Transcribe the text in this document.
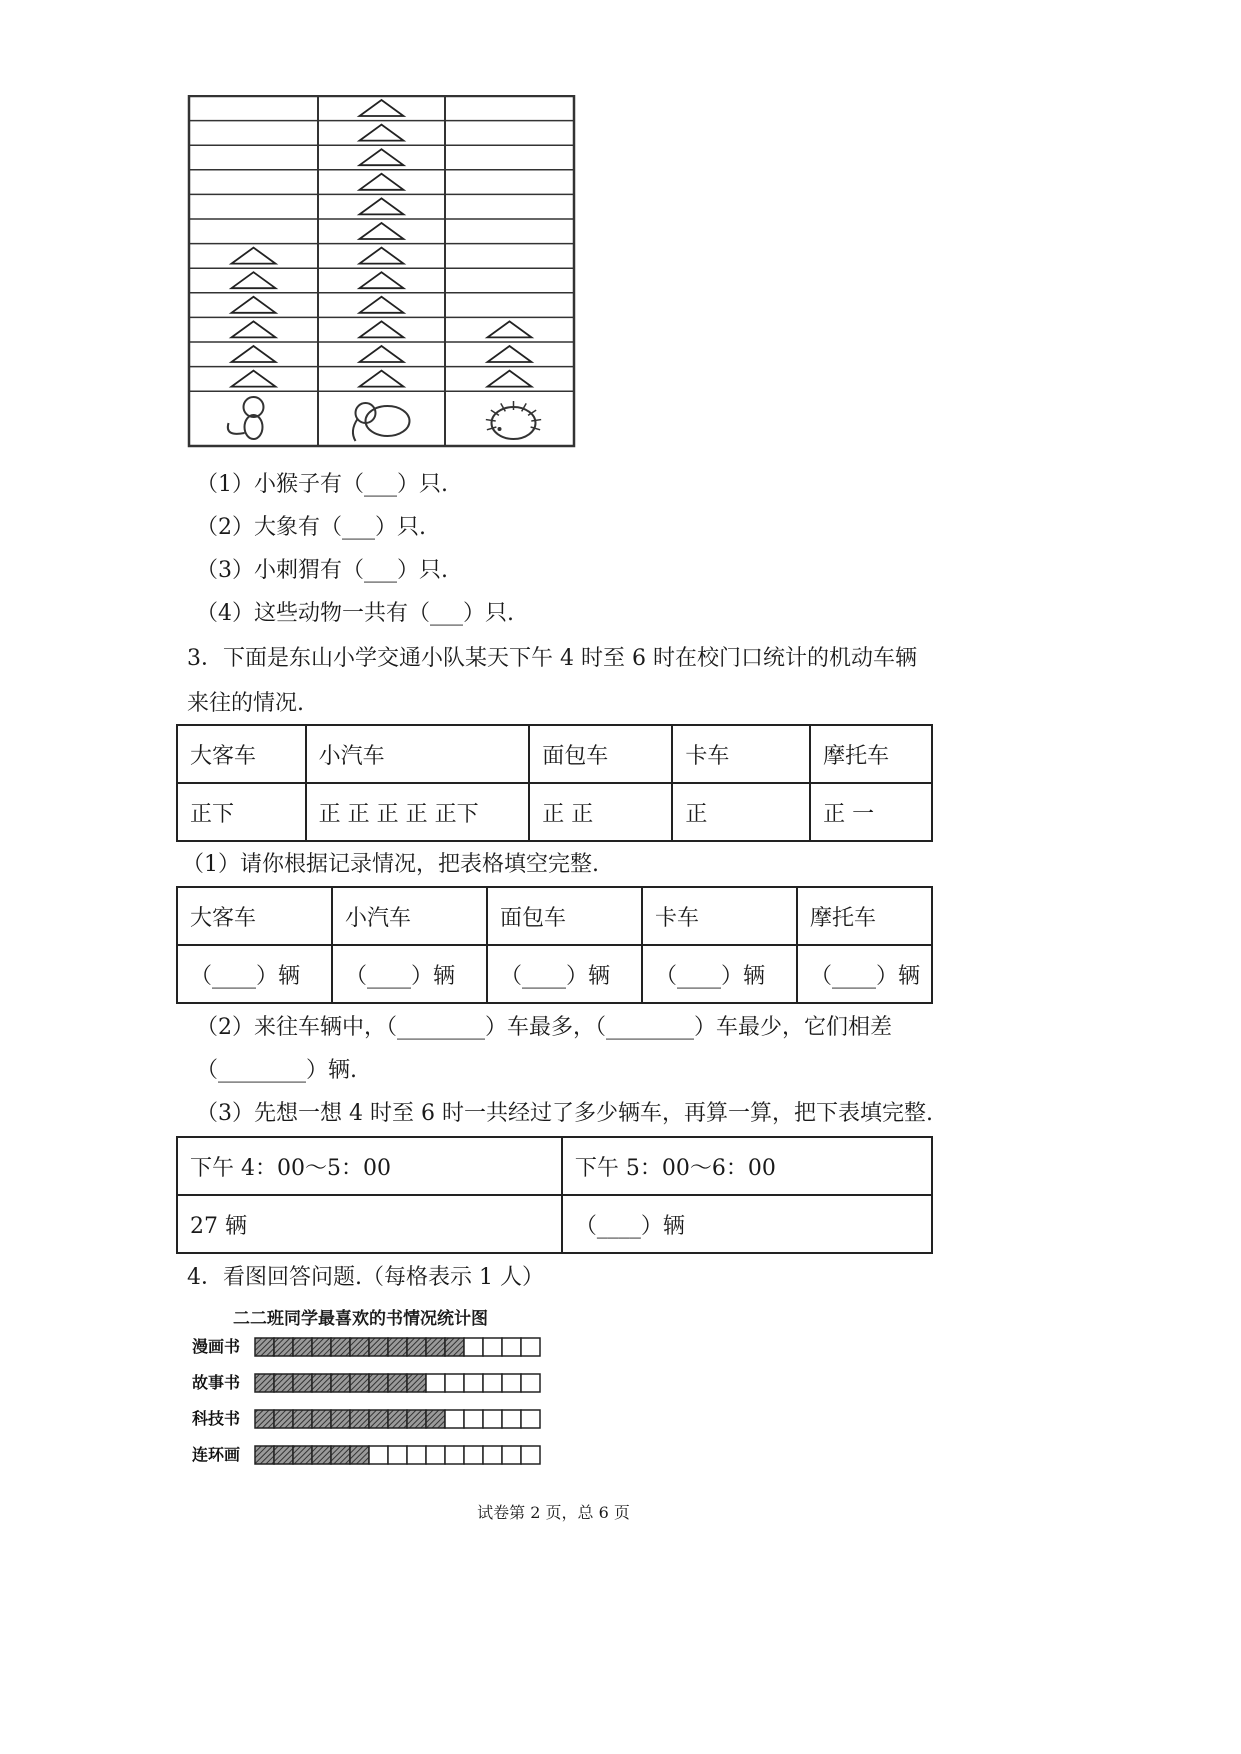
（1）小猴子有（___）只.
（2）大象有（___）只.
（3）小刺猬有（___）只.
（4）这些动物一共有（___）只.
3．下面是东山小学交通小队某天下午 4 时至 6 时在校门口统计的机动车辆
来往的情况.
大客车	小汽车	面包车	卡车	摩托车
正下	正 正 正 正 正下	正 正	正	正 一
（1）请你根据记录情况，把表格填空完整.
大客车	小汽车	面包车	卡车	摩托车
（____）辆	（____）辆	（____）辆	（____）辆	（____）辆
（2）来往车辆中，（________）车最多，（________）车最少，它们相差
（________）辆.
（3）先想一想 4 时至 6 时一共经过了多少辆车，再算一算，把下表填完整.
下午 4：00～5：00	下午 5：00～6：00
27 辆	（____）辆
4．看图回答问题.（每格表示 1 人）
二二班同学最喜欢的书情况统计图
漫画书
故事书
科技书
连环画
试卷第 2 页，总 6 页
